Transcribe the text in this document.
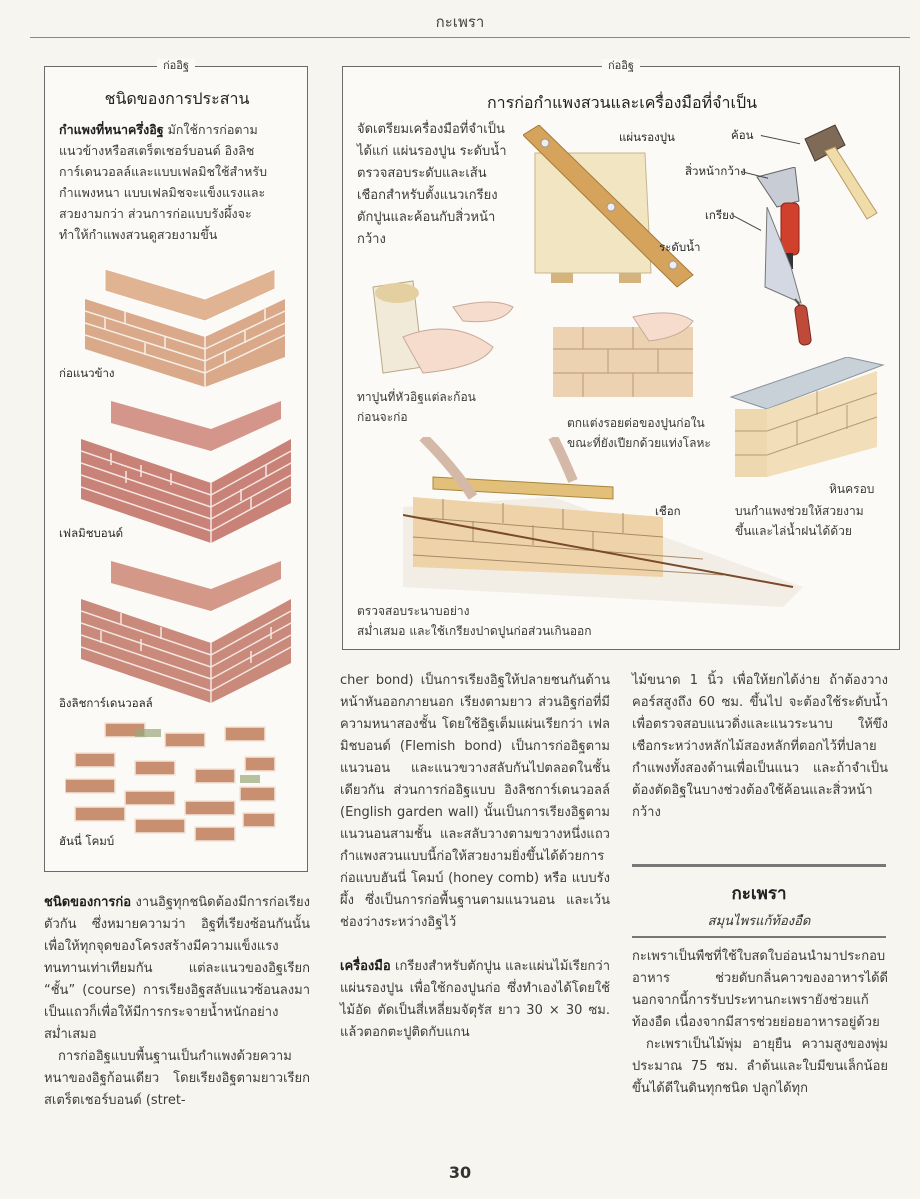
กะเพรา
ก่ออิฐ
ชนิดของการประสาน
กำแพงที่หนาครึ่งอิฐ มักใช้การก่อตาม
แนวข้างหรือสเตร็ตเชอร์บอนด์ อิงลิช
การ์เดนวอลล์และแบบเฟลมิชใช้สำหรับ
กำแพงหนา แบบเฟลมิชจะแข็งแรงและ
สวยงามกว่า ส่วนการก่อแบบรังผึ้งจะ
ทำให้กำแพงสวนดูสวยงามขึ้น
ก่อแนวข้าง
เฟลมิชบอนด์
อิงลิชการ์เดนวอลล์
ฮันนี่ โคมบ์
ก่ออิฐ
การก่อกำแพงสวนและเครื่องมือที่จำเป็น
จัดเตรียมเครื่องมือที่จำเป็น
ได้แก่ แผ่นรองปูน ระดับน้ำ
ตรวจสอบระดับและเส้น
เชือกสำหรับตั้งแนวเกรียง
ตักปูนและค้อนกับสิ่วหน้า
กว้าง
แผ่นรองปูน
ระดับน้ำ
ค้อน
สิ่วหน้ากว้าง
เกรียง
ทาปูนที่หัวอิฐแต่ละก้อน
ก่อนจะก่อ	ตกแต่งรอยต่อของปูนก่อใน
ขณะที่ยังเปียกด้วยแท่งโลหะ
หินครอบ
บนกำแพงช่วยให้สวยงาม
ขึ้นและไล่น้ำฝนได้ด้วย
เชือก
ตรวจสอบระนาบอย่าง
สม่ำเสมอ และใช้เกรียงปาดปูนก่อส่วนเกินออก

ชนิดของการก่อ งานอิฐทุกชนิดต้องมีการก่อเรียงตัวกัน ซึ่งหมายความว่า อิฐที่เรียงซ้อนกันนั้น เพื่อให้ทุกจุดของโครงสร้างมีความแข็งแรงทนทานเท่าเทียมกัน แต่ละแนวของอิฐเรียก “ชั้น” (course) การเรียงอิฐสลับแนวซ้อนลงมาเป็นแถวก็เพื่อให้มีการกระจายน้ำหนักอย่างสม่ำเสมอ

การก่ออิฐแบบพื้นฐานเป็นกำแพงด้วยความหนาของอิฐก้อนเดียว โดยเรียงอิฐตามยาวเรียก สเตร็ตเชอร์บอนด์ (stret-

cher bond) เป็นการเรียงอิฐให้ปลายชนกันด้านหน้าหันออกภายนอก เรียงตามยาว ส่วนอิฐก่อที่มีความหนาสองชั้น โดยใช้อิฐเต็มแผ่นเรียกว่า เฟลมิชบอนด์ (Flemish bond) เป็นการก่ออิฐตามแนวนอน และแนวขวางสลับกันไปตลอดในชั้นเดียวกัน ส่วนการก่ออิฐแบบ อิงลิชการ์เดนวอลล์ (English garden wall) นั้นเป็นการเรียงอิฐตามแนวนอนสามชั้น และสลับวางตามขวางหนึ่งแถว กำแพงสวนแบบนี้ก่อให้สวยงามยิ่งขึ้นได้ด้วยการก่อแบบฮันนี่ โคมบ์ (honey comb) หรือ แบบรังผึ้ง ซึ่งเป็นการก่อพื้นฐานตามแนวนอน และเว้นช่องว่างระหว่างอิฐไว้

เครื่องมือ เกรียงสำหรับตักปูน และแผ่นไม้เรียกว่า แผ่นรองปูน เพื่อใช้กองปูนก่อ ซึ่งทำเองได้โดยใช้ไม้อัด ตัดเป็นสี่เหลี่ยมจัตุรัส ยาว 30 × 30 ซม. แล้วตอกตะปูติดกับแกน

ไม้ขนาด 1 นิ้ว เพื่อให้ยกได้ง่าย ถ้าต้องวางคอร์สสูงถึง 60 ซม. ขึ้นไป จะต้องใช้ระดับน้ำเพื่อตรวจสอบแนวดิ่งและแนวระนาบ ให้ขึงเชือกระหว่างหลักไม้สองหลักที่ตอกไว้ที่ปลายกำแพงทั้งสองด้านเพื่อเป็นแนว และถ้าจำเป็นต้องตัดอิฐในบางช่วงต้องใช้ค้อนและสิ่วหน้ากว้าง

กะเพรา
สมุนไพรแก้ท้องอืด

กะเพราเป็นพืชที่ใช้ใบสดใบอ่อนนำมาประกอบอาหาร ช่วยดับกลิ่นคาวของอาหารได้ดี นอกจากนี้การรับประทานกะเพรายังช่วยแก้ท้องอืด เนื่องจากมีสารช่วยย่อยอาหารอยู่ด้วย

กะเพราเป็นไม้พุ่ม อายุยืน ความสูงของพุ่มประมาณ 75 ซม. ลำต้นและใบมีขนเล็กน้อย ขึ้นได้ดีในดินทุกชนิด ปลูกได้ทุก

30
